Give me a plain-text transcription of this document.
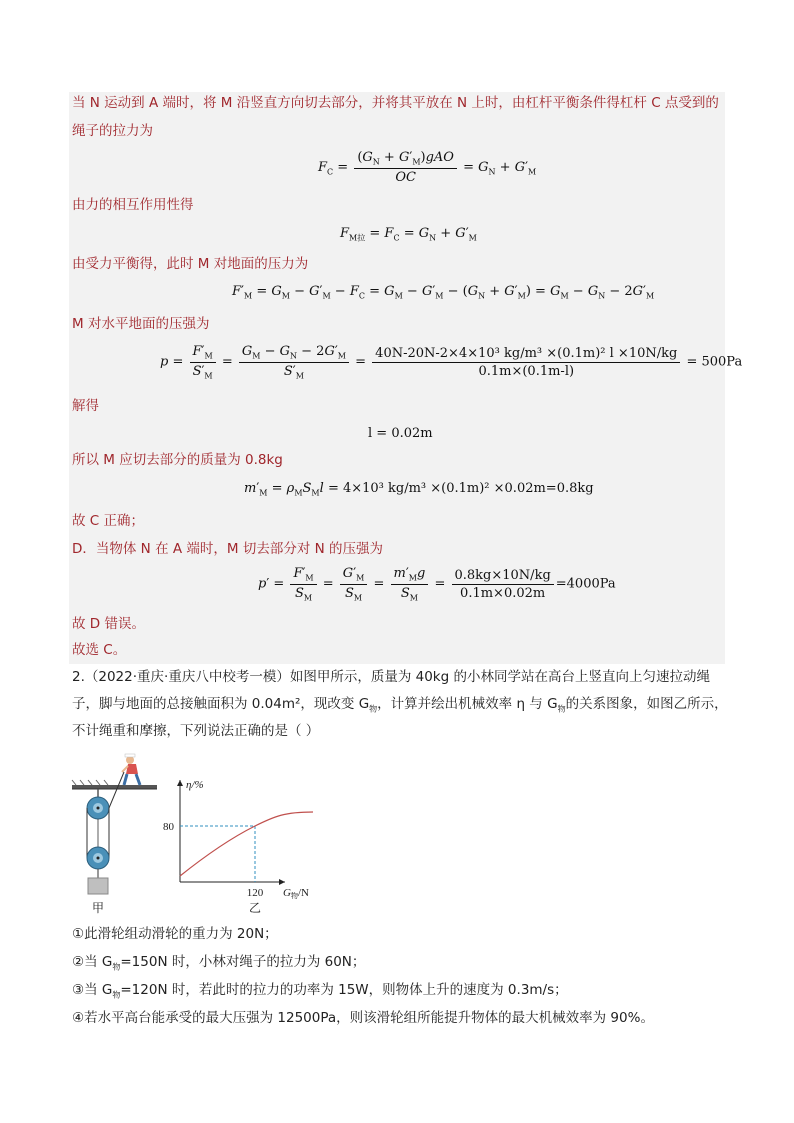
当 N 运动到 A 端时，将 M 沿竖直方向切去部分，并将其平放在 N 上时，由杠杆平衡条件得杠杆 C 点受到的
绳子的拉力为
$F_C = \frac{(G_N + G'_M)gAO}{OC} = G_N + G'_M$
由力的相互作用性得
$F_{M拉} = F_C = G_N + G'_M$
由受力平衡得，此时 M 对地面的压力为
$F'_M = G_M - G'_M - F_C = G_M - G'_M - (G_N + G'_M) = G_M - G_N - 2G'_M$
M 对水平地面的压强为
$p = \frac{F'_M}{S'_M} = \frac{G_M - G_N - 2G'_M}{S'_M} = \frac{\text{40N-20N-2×4×10³ kg/m³ ×(0.1m)² l ×10N/kg}}{0.1m\times(0.1m-l)} = 500Pa$
解得
l = 0.02m
所以 M 应切去部分的质量为 0.8kg
$m'_M = \rho_MS_Ml = 4\times 10^3$ kg/m³ ×(0.1m)² ×0.02m=0.8kg
故 C 正确；
D．当物体 N 在 A 端时，M 切去部分对 N 的压强为
$p' = \frac{F'_M}{S_M} = \frac{G'_M}{S_M} = \frac{m'_Mg}{S_M} = \frac{0.8kg\times 10N/kg}{0.1m\times 0.02m} =4000Pa$
故 D 错误。
故选 C。
2.（2022·重庆·重庆八中校考一模）如图甲所示，质量为 40kg 的小林同学站在高台上竖直向上匀速拉动绳
子，脚与地面的总接触面积为 0.04m²，现改变 $G_物$，计算并绘出机械效率 η 与 $G_物$的关系图象，如图乙所示，
不计绳重和摩擦，下列说法正确的是（ ）
甲
η/%
G物/N
80
120
乙
①此滑轮组动滑轮的重力为 20N；
②当 $G_物=150N$ 时，小林对绳子的拉力为 60N；
③当 $G_物=120N$ 时，若此时的拉力的功率为 15W，则物体上升的速度为 0.3m/s；
④若水平高台能承受的最大压强为 12500Pa，则该滑轮组所能提升物体的最大机械效率为 90%。
